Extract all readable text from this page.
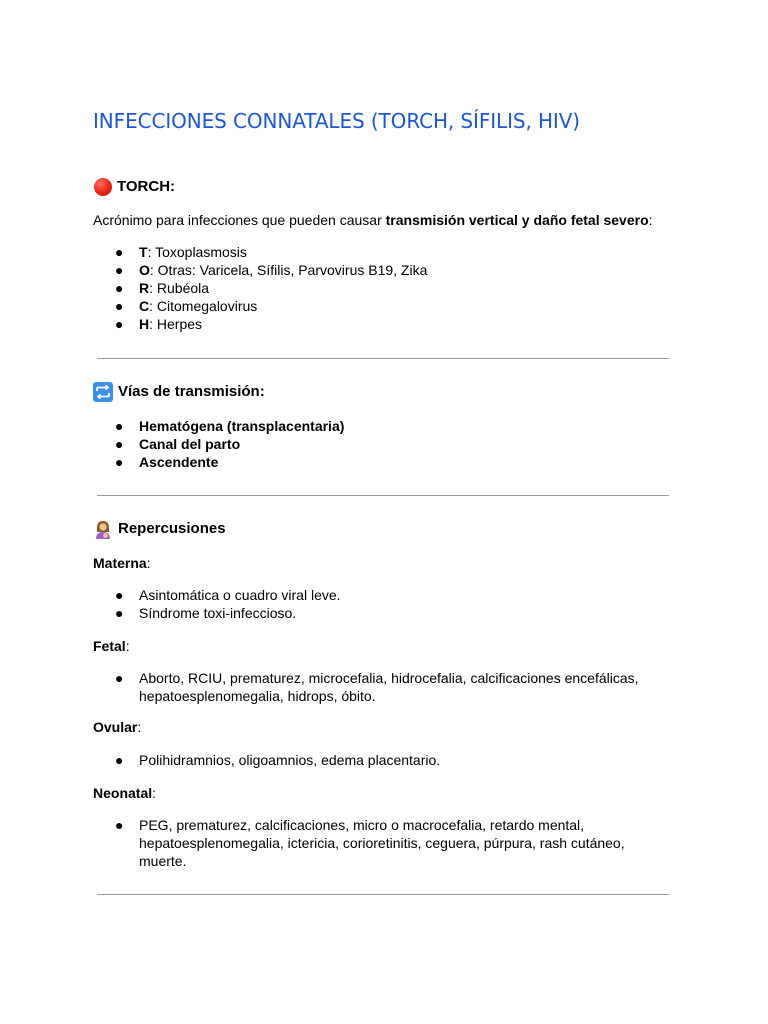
INFECCIONES CONNATALES (TORCH, SÍFILIS, HIV)
TORCH:

Acrónimo para infecciones que pueden causar transmisión vertical y daño fetal severo:

● T: Toxoplasmosis
● O: Otras: Varicela, Sífilis, Parvovirus B19, Zika
● R: Rubéola
● C: Citomegalovirus
● H: Herpes
Vías de transmisión:
● Hematógena (transplacentaria)
● Canal del parto
● Ascendente
Repercusiones

Materna:

● Asintomática o cuadro viral leve.
● Síndrome toxi-infeccioso.

Fetal:

● Aborto, RCIU, prematurez, microcefalia, hidrocefalia, calcificaciones encefálicas,
hepatoesplenomegalia, hidrops, óbito.

Ovular:

● Polihidramnios, oligoamnios, edema placentario.

Neonatal:

● PEG, prematurez, calcificaciones, micro o macrocefalia, retardo mental,
hepatoesplenomegalia, ictericia, corioretinitis, ceguera, púrpura, rash cutáneo,
muerte.
